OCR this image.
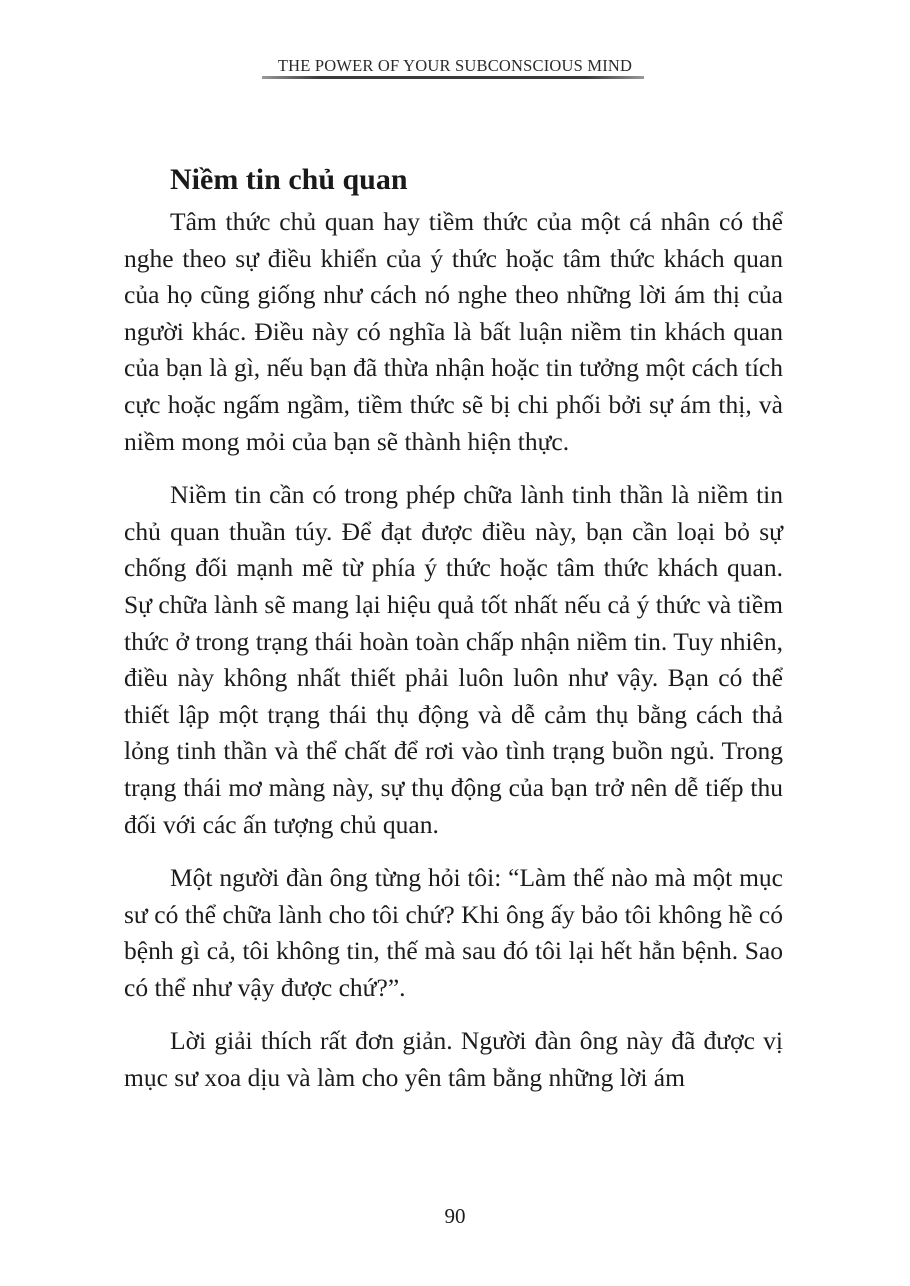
THE POWER OF YOUR SUBCONSCIOUS MIND
Niềm tin chủ quan

Tâm thức chủ quan hay tiềm thức của một cá nhân có thể nghe theo sự điều khiển của ý thức hoặc tâm thức khách quan của họ cũng giống như cách nó nghe theo những lời ám thị của người khác. Điều này có nghĩa là bất luận niềm tin khách quan của bạn là gì, nếu bạn đã thừa nhận hoặc tin tưởng một cách tích cực hoặc ngấm ngầm, tiềm thức sẽ bị chi phối bởi sự ám thị, và niềm mong mỏi của bạn sẽ thành hiện thực.

Niềm tin cần có trong phép chữa lành tinh thần là niềm tin chủ quan thuần túy. Để đạt được điều này, bạn cần loại bỏ sự chống đối mạnh mẽ từ phía ý thức hoặc tâm thức khách quan. Sự chữa lành sẽ mang lại hiệu quả tốt nhất nếu cả ý thức và tiềm thức ở trong trạng thái hoàn toàn chấp nhận niềm tin. Tuy nhiên, điều này không nhất thiết phải luôn luôn như vậy. Bạn có thể thiết lập một trạng thái thụ động và dễ cảm thụ bằng cách thả lỏng tinh thần và thể chất để rơi vào tình trạng buồn ngủ. Trong trạng thái mơ màng này, sự thụ động của bạn trở nên dễ tiếp thu đối với các ấn tượng chủ quan.

Một người đàn ông từng hỏi tôi: “Làm thế nào mà một mục sư có thể chữa lành cho tôi chứ? Khi ông ấy bảo tôi không hề có bệnh gì cả, tôi không tin, thế mà sau đó tôi lại hết hẳn bệnh. Sao có thể như vậy được chứ?”.

Lời giải thích rất đơn giản. Người đàn ông này đã được vị mục sư xoa dịu và làm cho yên tâm bằng những lời ám

90
